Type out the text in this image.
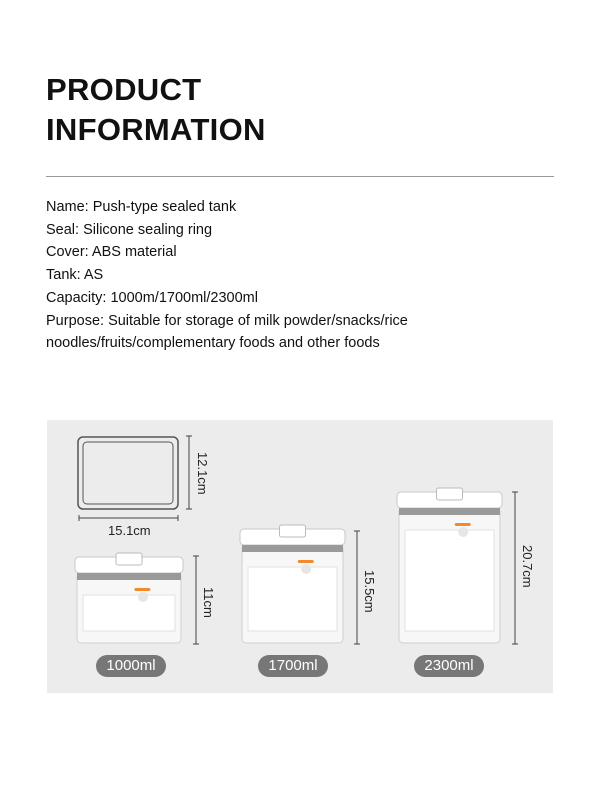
PRODUCT
INFORMATION
Name: Push-type sealed tank
Seal: Silicone sealing ring
Cover: ABS material
Tank: AS
Capacity: 1000m/1700ml/2300ml
Purpose: Suitable for storage of milk powder/snacks/rice
noodles/fruits/complementary foods and other foods
15.1cm
12.1cm
11cm	15.5cm
20.7cm
1000ml	1700ml	2300ml
